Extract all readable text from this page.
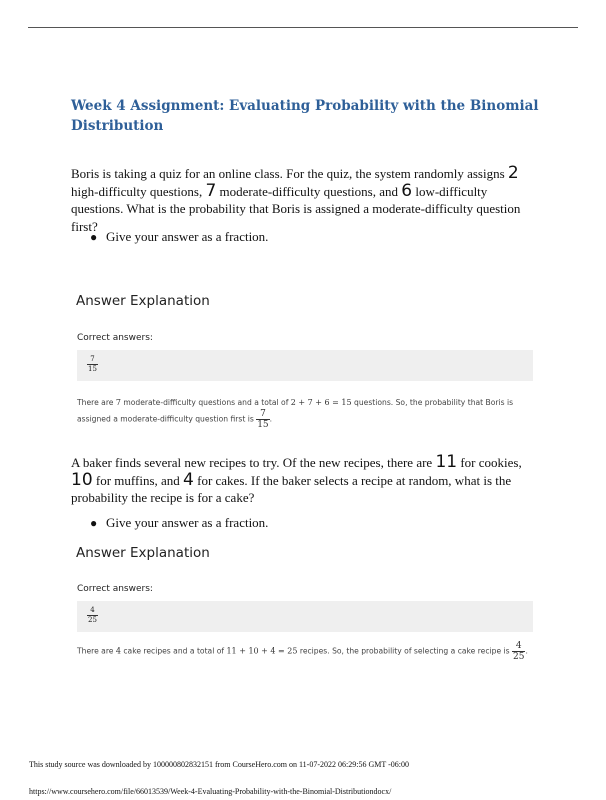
Week 4 Assignment: Evaluating Probability with the Binomial Distribution
Boris is taking a quiz for an online class. For the quiz, the system randomly assigns 2 high-difficulty questions, 7 moderate-difficulty questions, and 6 low-difficulty questions. What is the probability that Boris is assigned a moderate-difficulty question first?
● Give your answer as a fraction.
Answer Explanation
Correct answers:
$\frac{7}{15}$
There are 7 moderate-difficulty questions and a total of 2 + 7 + 6 = 15 questions. So, the probability that Boris is assigned a moderate-difficulty question first is $\frac{7}{15}$ .
A baker finds several new recipes to try. Of the new recipes, there are 11 for cookies, 10 for muffins, and 4 for cakes. If the baker selects a recipe at random, what is the probability the recipe is for a cake?
● Give your answer as a fraction.
Answer Explanation
Correct answers:
$\frac{4}{25}$
There are 4 cake recipes and a total of 11 + 10 + 4 = 25 recipes. So, the probability of selecting a cake recipe is $\frac{4}{25}$ .
This study source was downloaded by 100000802832151 from CourseHero.com on 11-07-2022 06:29:56 GMT -06:00
https://www.coursehero.com/file/66013539/Week-4-Evaluating-Probability-with-the-Binomial-Distributiondocx/
